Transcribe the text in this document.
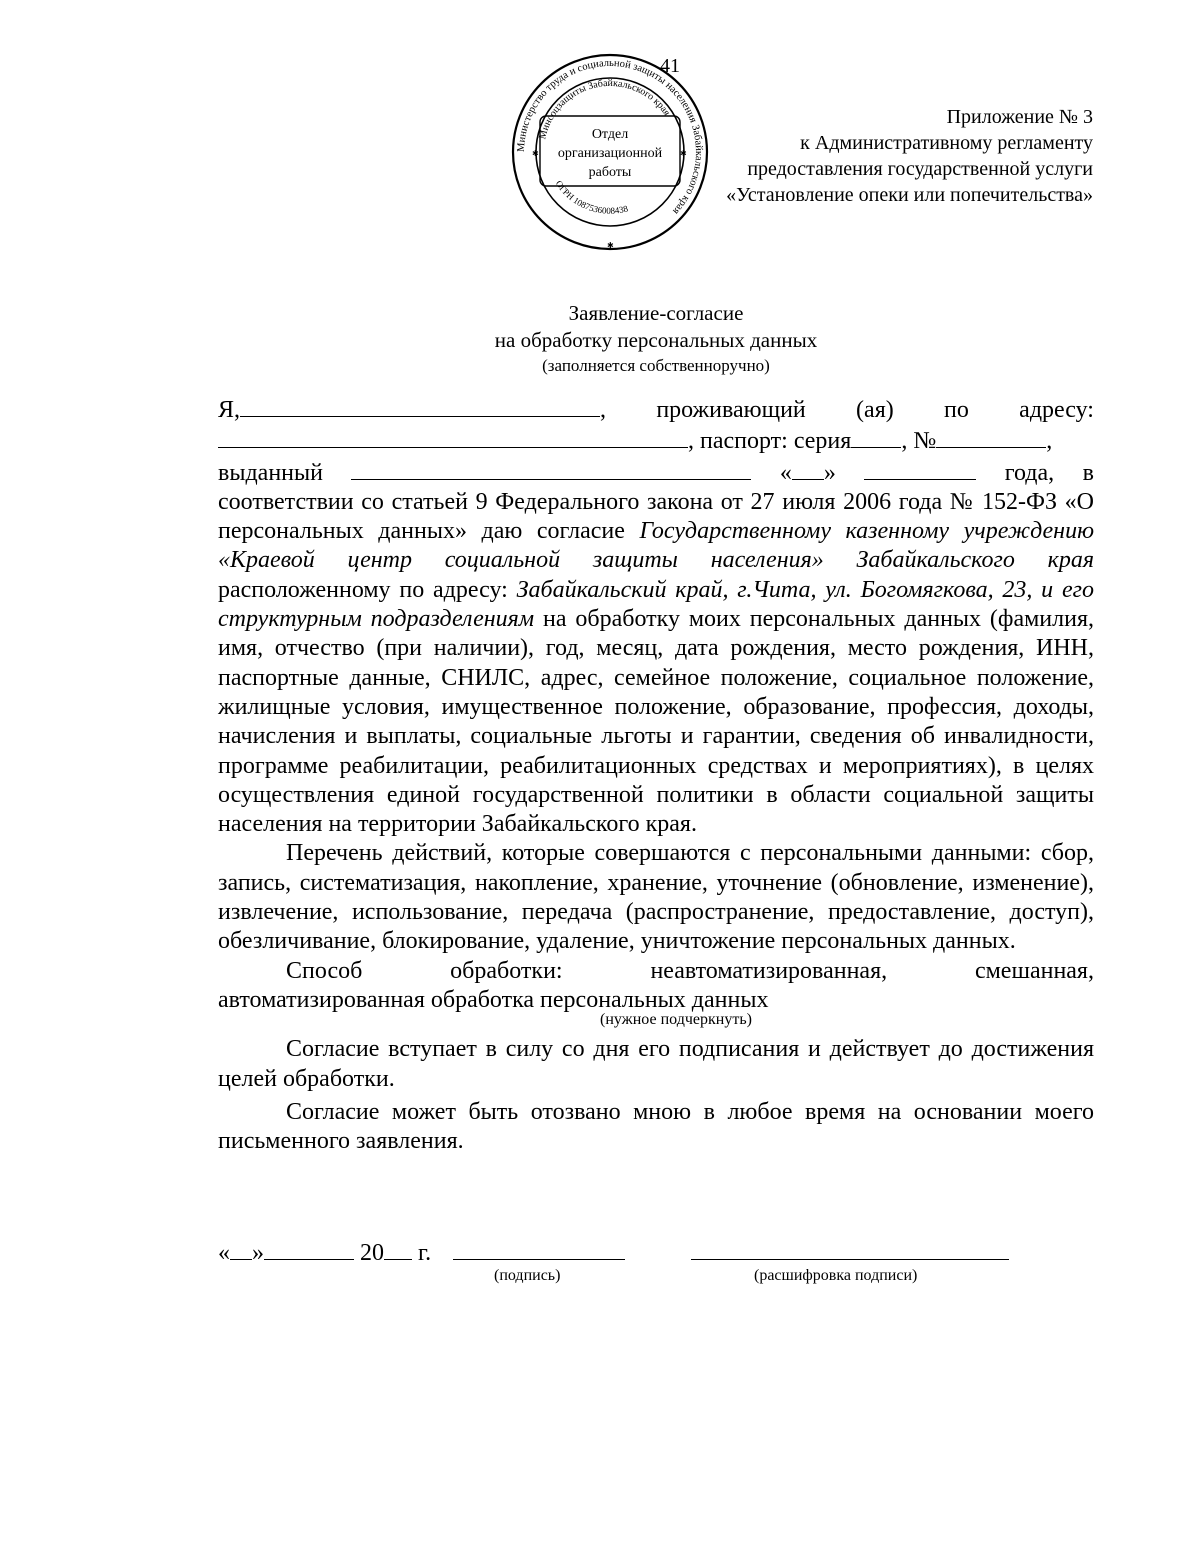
Министерство труда и социальной защиты населения Забайкальского края
Минсоцзащиты Забайкальского края
ОГРН 1087536008438
Отдел
организационной
работы
41
✱	✱
✱
Приложение № 3
к Административному регламенту
предоставления государственной услуги
«Установление опеки или попечительства»
Заявление-согласие
на обработку персональных данных
(заполняется собственноручно)
Я,	, проживающий (ая) по адресу:
, паспорт: серия , №	,
выданный	« »	года, в
соответствии со статьей 9 Федерального закона от 27 июля 2006 года № 152-ФЗ «О персональных данных» даю согласие Государственному казенному учреждению «Краевой центр социальной защиты населения» Забайкальского края расположенному по адресу: Забайкальский край, г.Чита, ул. Богомягкова, 23, и его структурным подразделениям на обработку моих персональных данных (фамилия, имя, отчество (при наличии), год, месяц, дата рождения, место рождения, ИНН, паспортные данные, СНИЛС, адрес, семейное положение, социальное положение, жилищные условия, имущественное положение, образование, профессия, доходы, начисления и выплаты, социальные льготы и гарантии, сведения об инвалидности, программе реабилитации, реабилитационных средствах и мероприятиях), в целях осуществления единой государственной политики в области социальной защиты населения на территории Забайкальского края.
Перечень действий, которые совершаются с персональными данными: сбор, запись, систематизация, накопление, хранение, уточнение (обновление, изменение), извлечение, использование, передача (распространение, предоставление, доступ), обезличивание, блокирование, удаление, уничтожение персональных данных.
Способ	обработки:	неавтоматизированная,	смешанная,
автоматизированная обработка персональных данных
(нужное подчеркнуть)
Согласие вступает в силу со дня его подписания и действует до достижения целей обработки.
Согласие может быть отозвано мною в любое время на основании моего письменного заявления.
« »	20 г.
(подпись)	(расшифровка подписи)
